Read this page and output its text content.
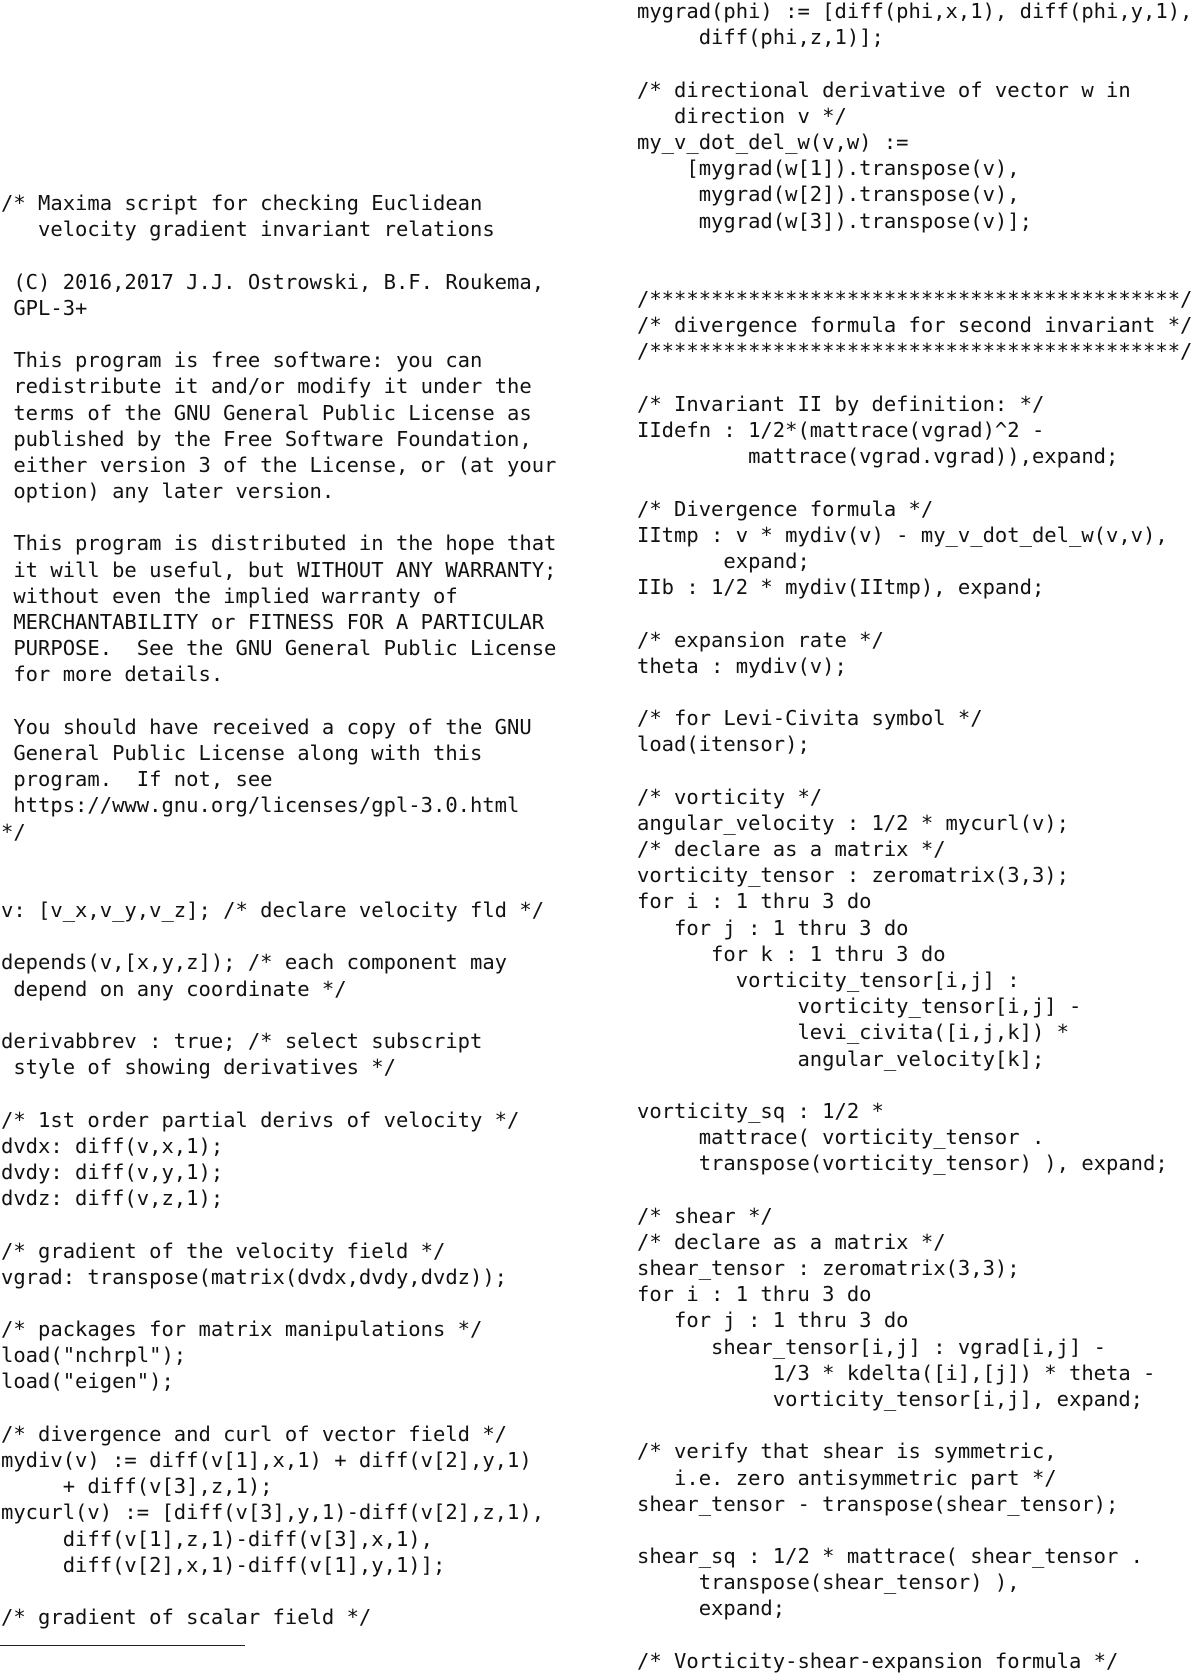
/* Maxima script for checking Euclidean
velocity gradient invariant relations

(C) 2016,2017 J.J. Ostrowski, B.F. Roukema,
GPL-3+

This program is free software: you can
redistribute it and/or modify it under the
terms of the GNU General Public License as
published by the Free Software Foundation,
either version 3 of the License, or (at your
option) any later version.

This program is distributed in the hope that
it will be useful, but WITHOUT ANY WARRANTY;
without even the implied warranty of
MERCHANTABILITY or FITNESS FOR A PARTICULAR
PURPOSE.  See the GNU General Public License
for more details.

You should have received a copy of the GNU
General Public License along with this
program.  If not, see
https://www.gnu.org/licenses/gpl-3.0.html
*/

v: [v_x,v_y,v_z]; /* declare velocity fld */

depends(v,[x,y,z]); /* each component may
depend on any coordinate */

derivabbrev : true; /* select subscript
style of showing derivatives */

/* 1st order partial derivs of velocity */
dvdx: diff(v,x,1);
dvdy: diff(v,y,1);
dvdz: diff(v,z,1);

/* gradient of the velocity field */
vgrad: transpose(matrix(dvdx,dvdy,dvdz));

/* packages for matrix manipulations */
load("nchrpl");
load("eigen");

/* divergence and curl of vector field */
mydiv(v) := diff(v[1],x,1) + diff(v[2],y,1)
+ diff(v[3],z,1);
mycurl(v) := [diff(v[3],y,1)-diff(v[2],z,1),
diff(v[1],z,1)-diff(v[3],x,1),
diff(v[2],x,1)-diff(v[1],y,1)];

/* gradient of scalar field */
mygrad(phi) := [diff(phi,x,1), diff(phi,y,1),
diff(phi,z,1)];

/* directional derivative of vector w in
direction v */
my_v_dot_del_w(v,w) :=
[mygrad(w[1]).transpose(v),
mygrad(w[2]).transpose(v),
mygrad(w[3]).transpose(v)];

/*******************************************/
/* divergence formula for second invariant */
/*******************************************/

/* Invariant II by definition: */
IIdefn : 1/2*(mattrace(vgrad)^2 -
mattrace(vgrad.vgrad)),expand;

/* Divergence formula */
IItmp : v * mydiv(v) - my_v_dot_del_w(v,v),
expand;
IIb : 1/2 * mydiv(IItmp), expand;

/* expansion rate */
theta : mydiv(v);

/* for Levi-Civita symbol */
load(itensor);

/* vorticity */
angular_velocity : 1/2 * mycurl(v);
/* declare as a matrix */
vorticity_tensor : zeromatrix(3,3);
for i : 1 thru 3 do
for j : 1 thru 3 do
for k : 1 thru 3 do
vorticity_tensor[i,j] :
vorticity_tensor[i,j] -
levi_civita([i,j,k]) *
angular_velocity[k];

vorticity_sq : 1/2 *
mattrace( vorticity_tensor .
transpose(vorticity_tensor) ), expand;

/* shear */
/* declare as a matrix */
shear_tensor : zeromatrix(3,3);
for i : 1 thru 3 do
for j : 1 thru 3 do
shear_tensor[i,j] : vgrad[i,j] -
1/3 * kdelta([i],[j]) * theta -
vorticity_tensor[i,j], expand;

/* verify that shear is symmetric,
i.e. zero antisymmetric part */
shear_tensor - transpose(shear_tensor);

shear_sq : 1/2 * mattrace( shear_tensor .
transpose(shear_tensor) ),
expand;

/* Vorticity-shear-expansion formula */
